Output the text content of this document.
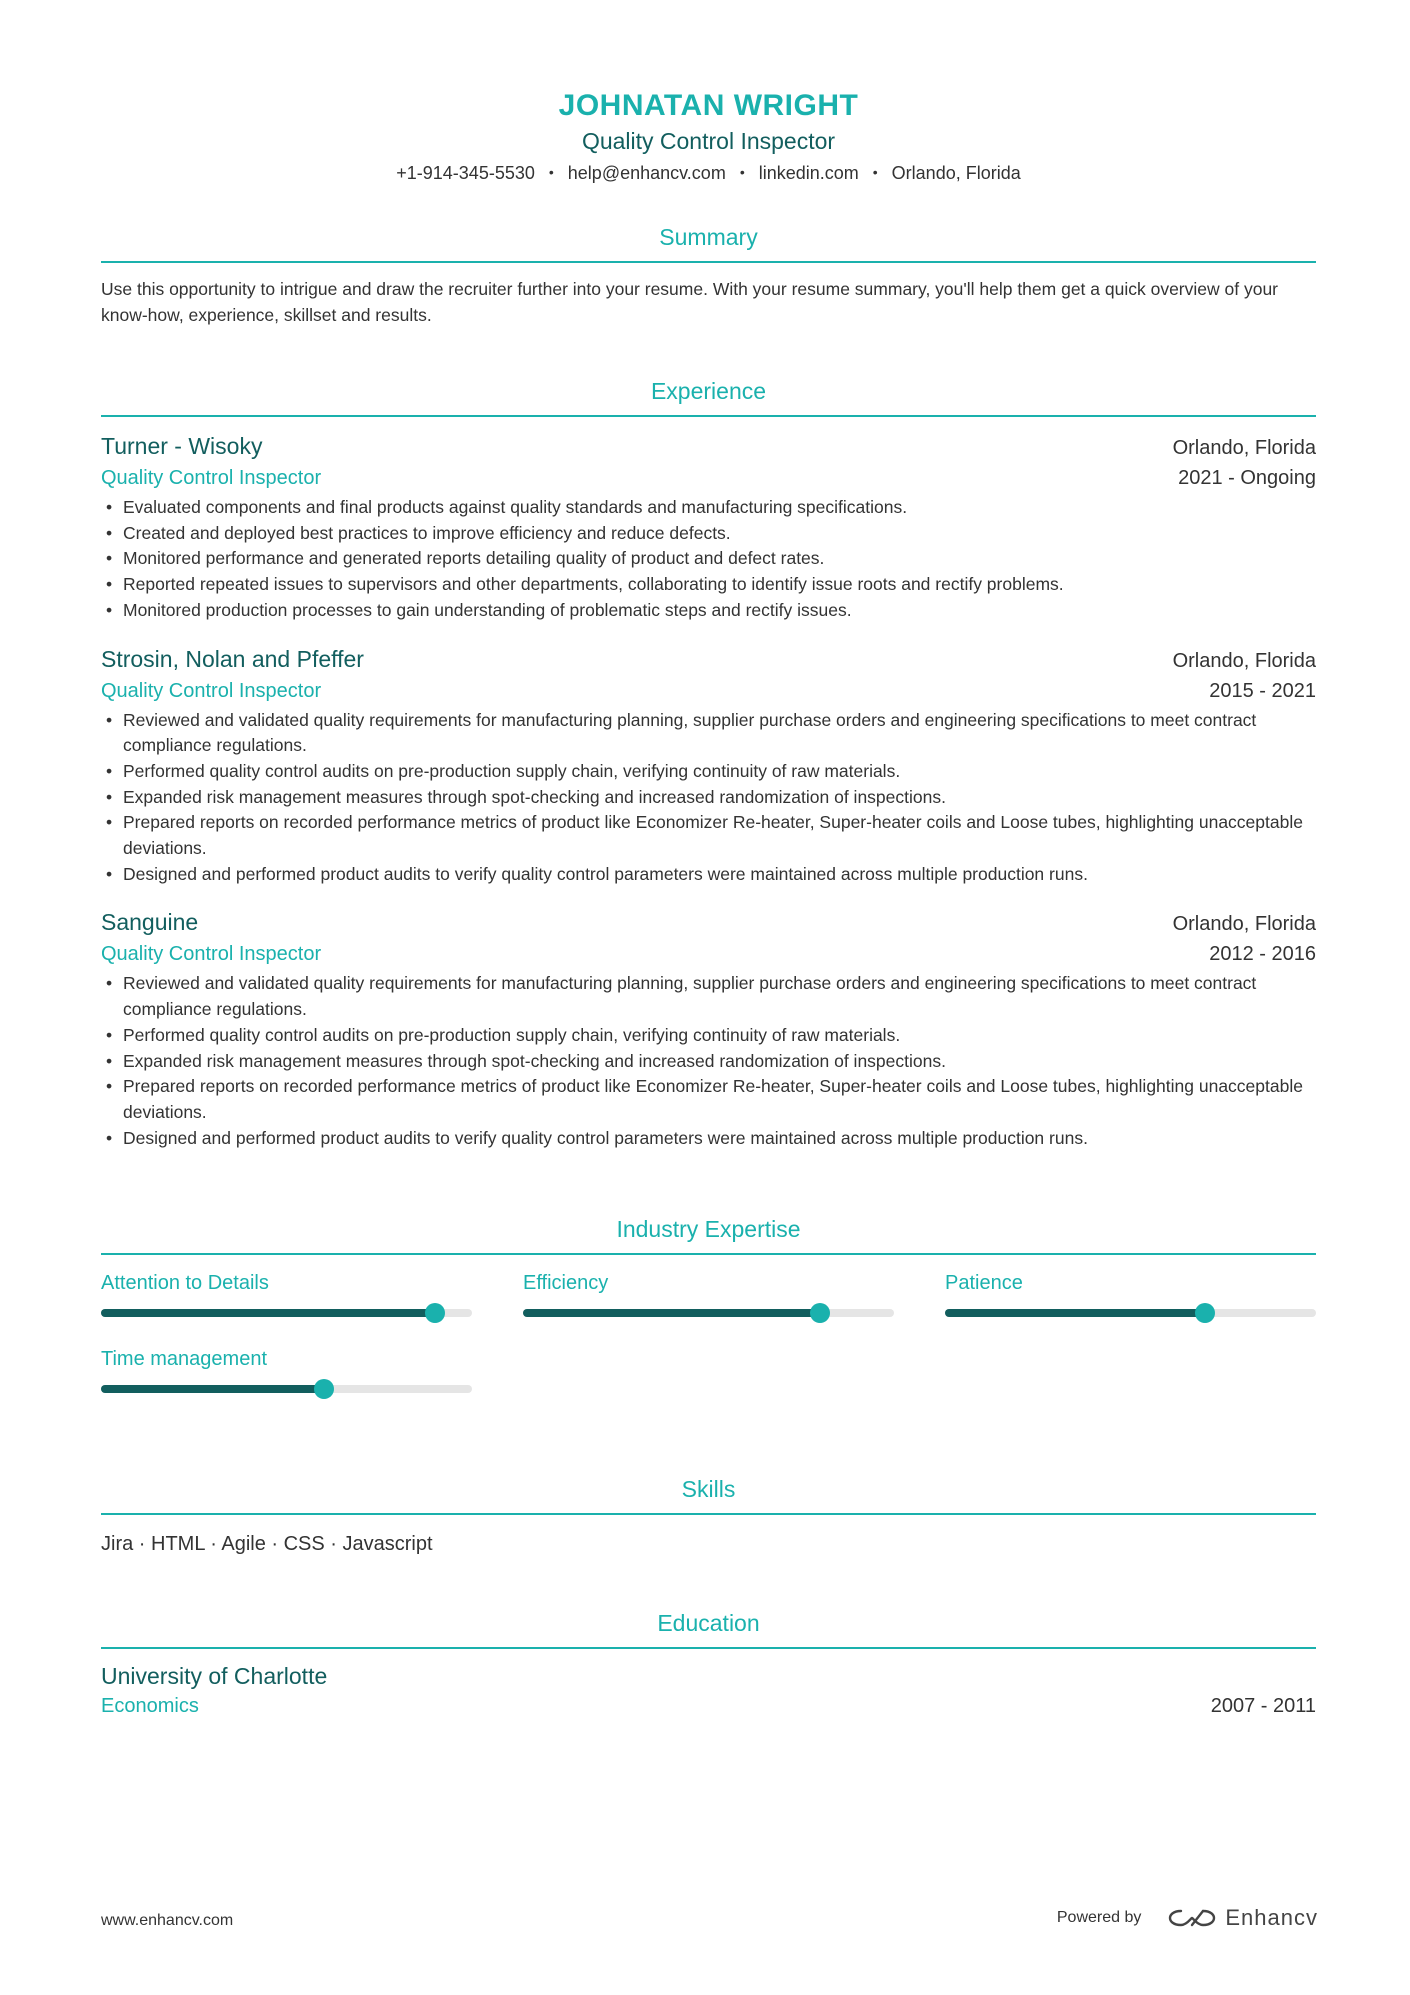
JOHNATAN WRIGHT
Quality Control Inspector
+1-914-345-5530 • help@enhancv.com • linkedin.com • Orlando, Florida
Summary

Use this opportunity to intrigue and draw the recruiter further into your resume. With your resume summary, you'll help them get a quick overview of your know-how, experience, skillset and results.

Experience
Turner - Wisoky	Orlando, Florida
Quality Control Inspector	2021 - Ongoing
• Evaluated components and final products against quality standards and manufacturing specifications.
• Created and deployed best practices to improve efficiency and reduce defects.
• Monitored performance and generated reports detailing quality of product and defect rates.
• Reported repeated issues to supervisors and other departments, collaborating to identify issue roots and rectify problems.
• Monitored production processes to gain understanding of problematic steps and rectify issues.
Strosin, Nolan and Pfeffer	Orlando, Florida
Quality Control Inspector	2015 - 2021
• Reviewed and validated quality requirements for manufacturing planning, supplier purchase orders and engineering specifications to meet contract compliance regulations.
• Performed quality control audits on pre-production supply chain, verifying continuity of raw materials.
• Expanded risk management measures through spot-checking and increased randomization of inspections.
• Prepared reports on recorded performance metrics of product like Economizer Re-heater, Super-heater coils and Loose tubes, highlighting unacceptable deviations.
• Designed and performed product audits to verify quality control parameters were maintained across multiple production runs.
Sanguine	Orlando, Florida
Quality Control Inspector	2012 - 2016
• Reviewed and validated quality requirements for manufacturing planning, supplier purchase orders and engineering specifications to meet contract compliance regulations.
• Performed quality control audits on pre-production supply chain, verifying continuity of raw materials.
• Expanded risk management measures through spot-checking and increased randomization of inspections.
• Prepared reports on recorded performance metrics of product like Economizer Re-heater, Super-heater coils and Loose tubes, highlighting unacceptable deviations.
• Designed and performed product audits to verify quality control parameters were maintained across multiple production runs.
Industry Expertise
Attention to Details	Efficiency	Patience
Time management
Skills
Jira · HTML · Agile · CSS · Javascript
Education
University of Charlotte
Economics	2007 - 2011
www.enhancv.com	Powered by	Enhancv
